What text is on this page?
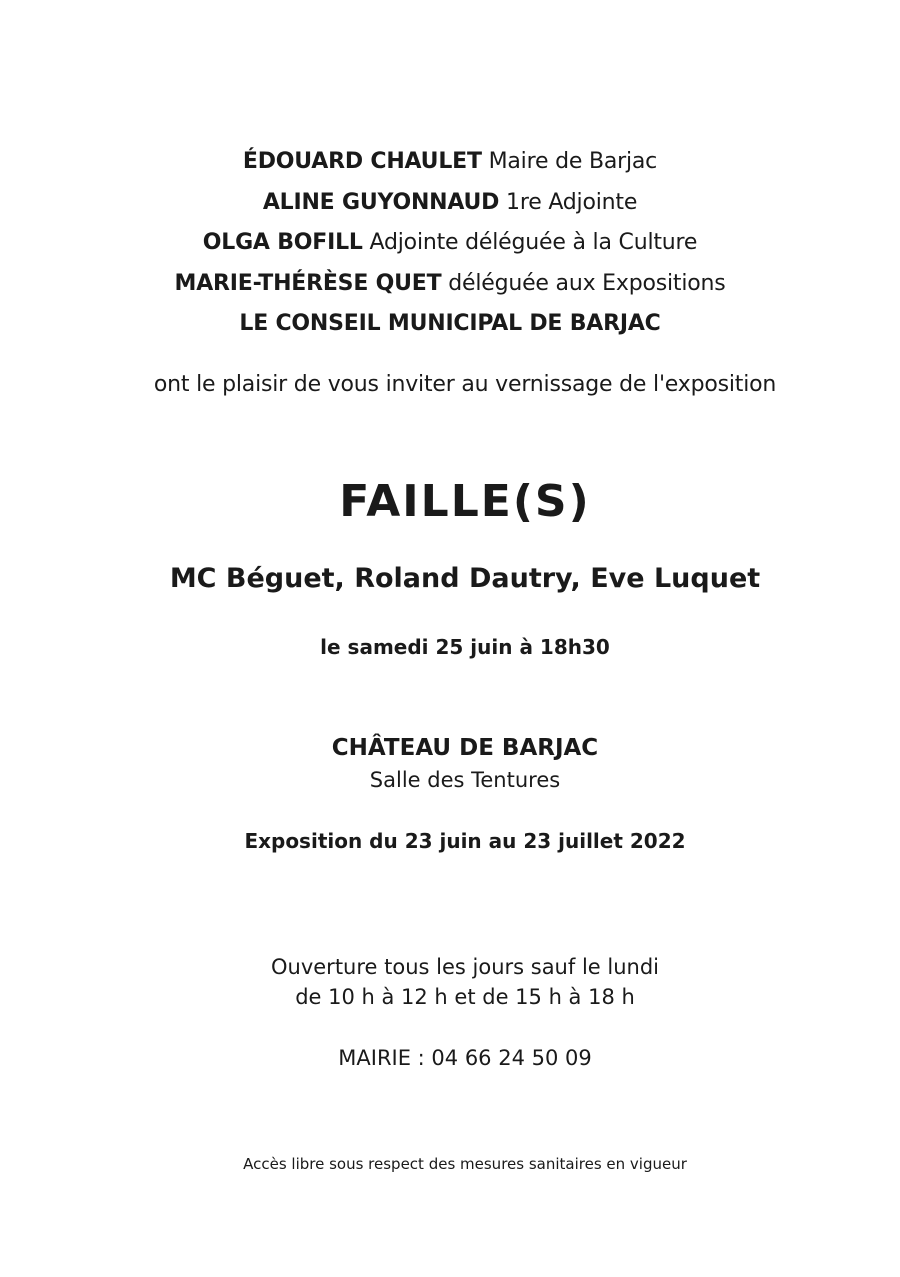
ÉDOUARD CHAULET Maire de Barjac
ALINE GUYONNAUD 1re Adjointe
OLGA BOFILL Adjointe déléguée à la Culture
MARIE-THÉRÈSE QUET déléguée aux Expositions
LE CONSEIL MUNICIPAL DE BARJAC
ont le plaisir de vous inviter au vernissage de l'exposition
FAILLE(S)
MC Béguet, Roland Dautry, Eve Luquet
le samedi 25 juin à 18h30
CHÂTEAU DE BARJAC
Salle des Tentures
Exposition du 23 juin au 23 juillet 2022
Ouverture tous les jours sauf le lundi
de 10 h à 12 h et de 15 h à 18 h
MAIRIE : 04 66 24 50 09
Accès libre sous respect des mesures sanitaires en vigueur
